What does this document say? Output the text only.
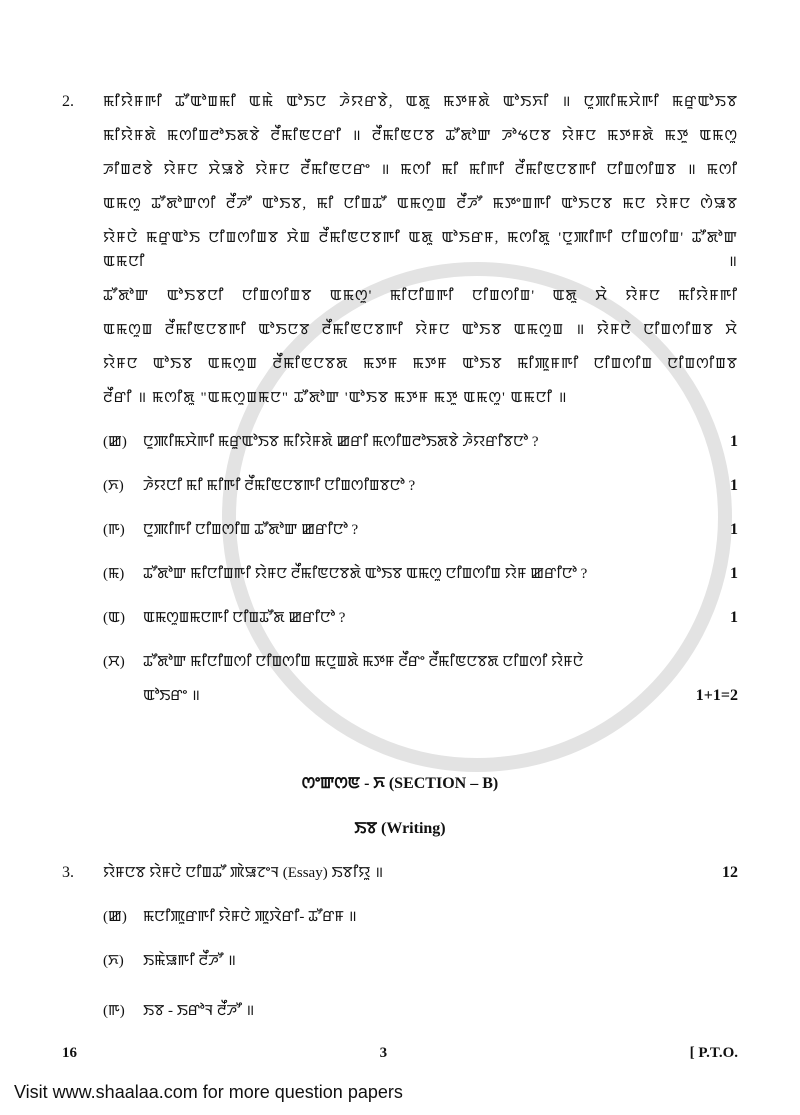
2.	ꯃꯤꯌꯥꯝꯒꯤ ꯊꯧꯑꯣꯡꯃꯤ ꯑꯃꯥ ꯑꯣꯏꯅ ꯍꯥꯌꯔꯕꯥ, ꯑꯗꯨ ꯃꯇꯝꯗꯥ ꯑꯣꯏꯈꯤ ॥ ꯅꯨꯄꯤꯃꯆꯥꯒꯤ ꯃꯔꯨꯑꯣꯏꯕ
ꯃꯤꯌꯥꯝꯗꯥ ꯃꯁꯤꯡꯂꯣꯏꯗꯕꯥ ꯂꯩꯃꯤꯟꯅꯔꯤ ॥ ꯂꯩꯃꯤꯟꯅꯕ ꯊꯧꯗꯣꯛ ꯍꯣꯠꯅꯕ ꯌꯥꯝꯅ ꯃꯇꯝꯗꯥ ꯃꯇꯨ ꯑꯃꯁꯨ
ꯍꯤꯡꯂꯕꯥ ꯌꯥꯝꯅ ꯆꯥꯎꯕꯥ ꯌꯥꯝꯅ ꯂꯩꯃꯤꯟꯅꯔꯦ ॥ ꯃꯁꯤ ꯃꯤ ꯃꯤꯒꯤ ꯂꯩꯃꯤꯟꯅꯕꯒꯤ ꯅꯤꯡꯁꯤꯡꯕ ॥ ꯃꯁꯤ
ꯑꯃꯁꯨ ꯊꯧꯗꯣꯛꯁꯤ ꯂꯩꯍꯧ ꯑꯣꯏꯕ, ꯃꯤ ꯅꯤꯡꯊꯧ ꯑꯃꯁꯨꯡ ꯂꯩꯍꯧ ꯃꯇꯦꯡꯒꯤ ꯑꯣꯏꯅꯕ ꯃꯅ ꯌꯥꯝꯅ ꯁꯥꯎꯕ
ꯌꯥꯝꯅꯥ ꯃꯔꯨꯑꯣꯏ ꯅꯤꯡꯁꯤꯡꯕ ꯆꯥꯡ ꯂꯩꯃꯤꯟꯅꯕꯒꯤ ꯑꯗꯨ ꯑꯣꯏꯔꯝ, ꯃꯁꯤꯗꯨ 'ꯅꯨꯄꯤꯒꯤ ꯅꯤꯡꯁꯤꯡ' ꯊꯧꯗꯣꯛ ꯑꯃꯅꯤ ॥
ꯊꯧꯗꯣꯛ ꯑꯣꯏꯕꯅꯤ ꯅꯤꯡꯁꯤꯡꯕ ꯑꯃꯁꯨ' ꯃꯤꯅꯤꯡꯒꯤ ꯅꯤꯡꯁꯤꯡ' ꯑꯗꯨ ꯆꯥ ꯌꯥꯝꯅ ꯃꯤꯌꯥꯝꯒꯤ
ꯑꯃꯁꯨꯡ ꯂꯩꯃꯤꯟꯅꯕꯒꯤ ꯑꯣꯏꯅꯕ ꯂꯩꯃꯤꯟꯅꯕꯒꯤ ꯌꯥꯝꯅ ꯑꯣꯏꯕ ꯑꯃꯁꯨꯡ ॥ ꯌꯥꯝꯅꯥ ꯅꯤꯡꯁꯤꯡꯕ ꯆꯥ
ꯌꯥꯝꯅ ꯑꯣꯏꯕ ꯑꯃꯁꯨꯡ ꯂꯩꯃꯤꯟꯅꯕꯗ ꯃꯇꯝ ꯃꯇꯝ ꯑꯣꯏꯕ ꯃꯤꯄꯨꯝꯒꯤ ꯅꯤꯡꯁꯤꯡ ꯅꯤꯡꯁꯤꯡꯕ
ꯂꯩꯔꯤ ॥ ꯃꯁꯤꯗꯨ "ꯑꯃꯁꯨꯡꯃꯅ" ꯊꯧꯗꯣꯛ 'ꯑꯣꯏꯕ ꯃꯇꯝ ꯃꯇꯨ ꯑꯃꯁꯨ' ꯑꯃꯅꯤ ॥
(ꯀ)	ꯅꯨꯄꯤꯃꯆꯥꯒꯤ ꯃꯔꯨꯑꯣꯏꯕ ꯃꯤꯌꯥꯝꯗꯥ ꯀꯔꯤ ꯃꯁꯤꯡꯂꯣꯏꯗꯕꯥ ꯍꯥꯌꯔꯤꯕꯅꯣ ?	1
(ꯈ)	ꯍꯥꯌꯅꯤ ꯃꯤ ꯃꯤꯒꯤ ꯂꯩꯃꯤꯟꯅꯕꯒꯤ ꯅꯤꯡꯁꯤꯡꯕꯅꯣ ?	1
(ꯒ)	ꯅꯨꯄꯤꯒꯤ ꯅꯤꯡꯁꯤꯡ ꯊꯧꯗꯣꯛ ꯀꯔꯤꯅꯣ ?	1
(ꯃ)	ꯊꯧꯗꯣꯛ ꯃꯤꯅꯤꯡꯒꯤ ꯌꯥꯝꯅ ꯂꯩꯃꯤꯟꯅꯕꯗꯥ ꯑꯣꯏꯕ ꯑꯃꯁꯨ ꯅꯤꯡꯁꯤꯡ ꯌꯥꯝ ꯀꯔꯤꯅꯣ ?	1
(ꯑ)	ꯑꯃꯁꯨꯡꯃꯅꯒꯤ ꯅꯤꯡꯊꯧꯗ ꯀꯔꯤꯅꯣ ?	1
(ꯆ)	ꯊꯧꯗꯣꯛ ꯃꯤꯅꯤꯡꯁꯤ ꯅꯤꯡꯁꯤꯡ ꯃꯅꯨꯡꯗꯥ ꯃꯇꯝ ꯂꯩꯔꯦ ꯂꯩꯃꯤꯟꯅꯕꯗ ꯅꯤꯡꯁꯤ ꯌꯥꯝꯅꯥ
ꯑꯣꯏꯔꯦ ॥	1+1=2
ꯁꯦꯛꯁꯟ - ꯈ (SECTION – B)
ꯏꯕ (Writing)
3.	ꯌꯥꯝꯅꯕ ꯌꯥꯝꯅꯥ ꯅꯤꯡꯊꯧ ꯄꯥꯎꯖꯦꯜ (Essay) ꯏꯕꯤꯌꯨ ॥	12
(ꯀ)	ꯃꯅꯤꯄꯨꯔꯒꯤ ꯌꯥꯝꯅꯥ ꯄꯨꯋꯥꯔꯤ- ꯊꯧꯔꯝ ॥
(ꯈ)	ꯏꯃꯥꯎꯒꯤ ꯂꯩꯍꯧ ॥
(ꯒ)	ꯏꯕ - ꯏꯔꯣꯜ ꯂꯩꯍꯧ ॥
16	3	[ P.T.O.
Visit www.shaalaa.com for more question papers
